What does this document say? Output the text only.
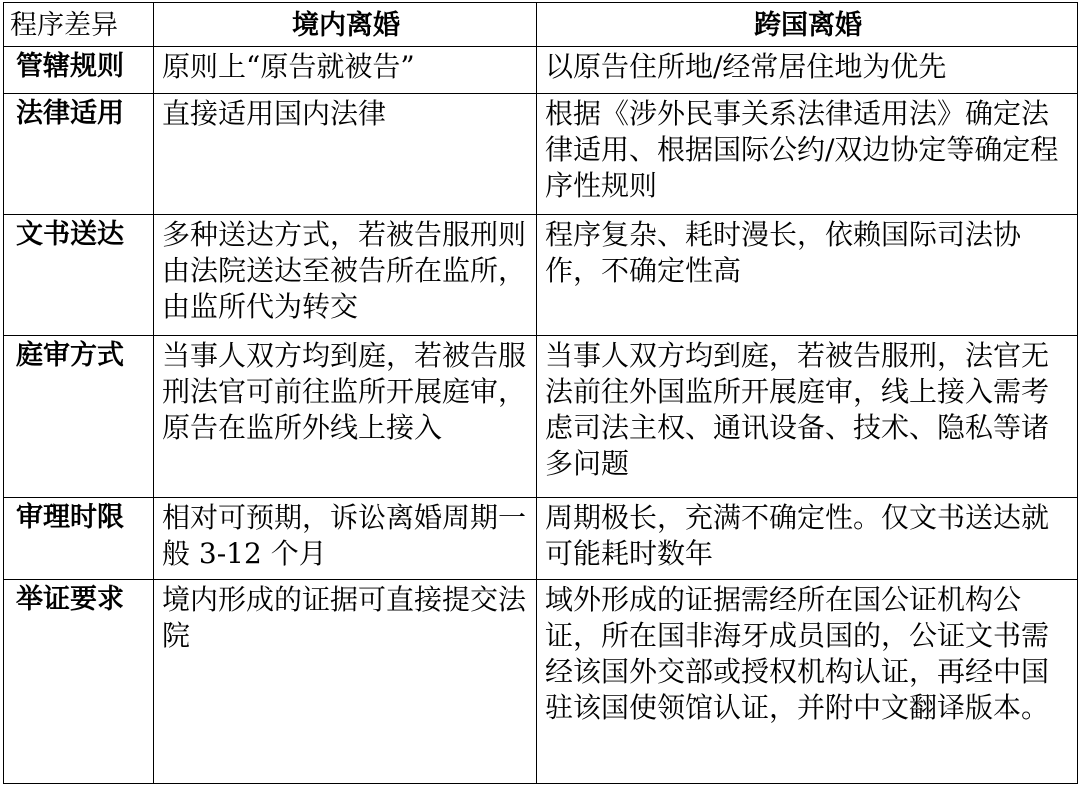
程序差异	境内离婚	跨国离婚
管辖规则	原则上“原告就被告”	以原告住所地/经常居住地为优先
法律适用	直接适用国内法律	根据《涉外民事关系法律适用法》确定法律适用、根据国际公约/双边协定等确定程序性规则
文书送达	多种送达方式，若被告服刑则由法院送达至被告所在监所，由监所代为转交	程序复杂、耗时漫长，依赖国际司法协作，不确定性高
庭审方式	当事人双方均到庭，若被告服刑法官可前往监所开展庭审，原告在监所外线上接入	当事人双方均到庭，若被告服刑，法官无法前往外国监所开展庭审，线上接入需考虑司法主权、通讯设备、技术、隐私等诸多问题
审理时限	相对可预期，诉讼离婚周期一般 3-12 个月	周期极长，充满不确定性。仅文书送达就可能耗时数年
举证要求	境内形成的证据可直接提交法院	域外形成的证据需经所在国公证机构公证，所在国非海牙成员国的，公证文书需经该国外交部或授权机构认证，再经中国驻该国使领馆认证，并附中文翻译版本。
